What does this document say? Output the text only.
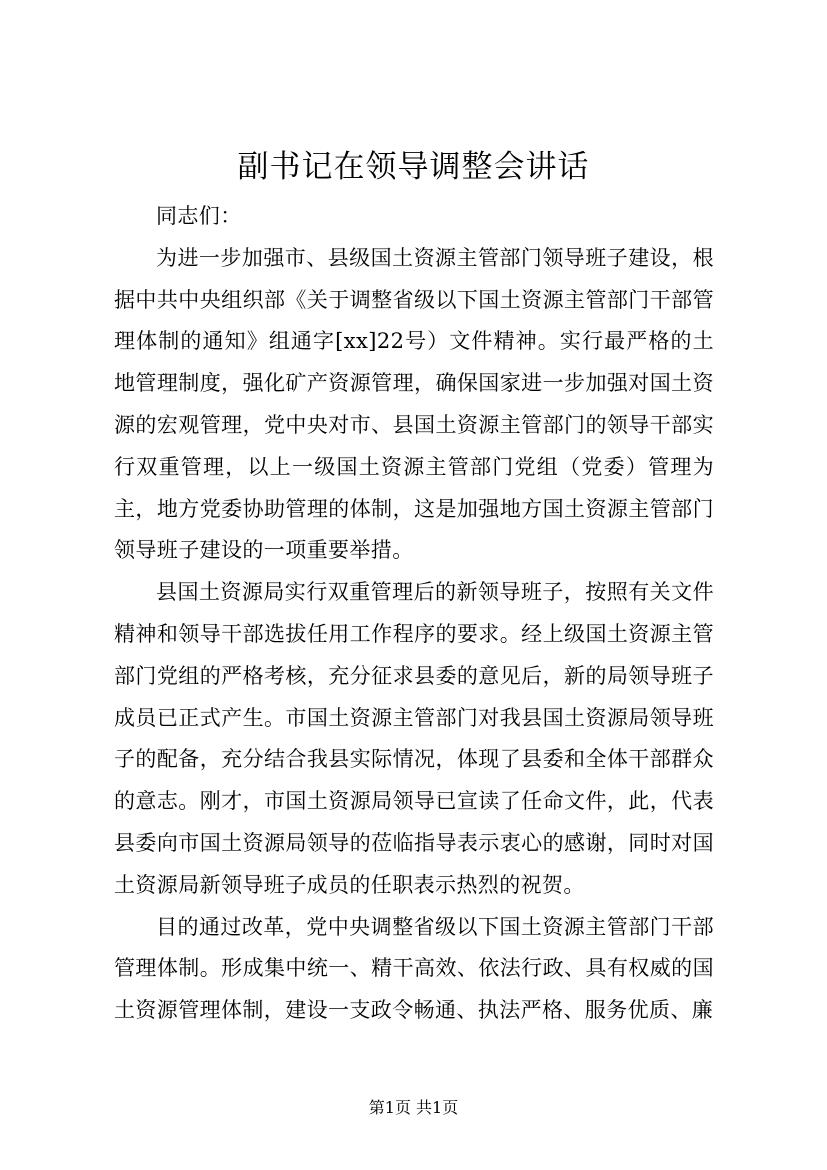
副书记在领导调整会讲话

同志们：

为进一步加强市、县级国土资源主管部门领导班子建设，根据中共中央组织部《关于调整省级以下国土资源主管部门干部管理体制的通知》组通字[xx]22号）文件精神。实行最严格的土地管理制度，强化矿产资源管理，确保国家进一步加强对国土资源的宏观管理，党中央对市、县国土资源主管部门的领导干部实行双重管理，以上一级国土资源主管部门党组（党委）管理为主，地方党委协助管理的体制，这是加强地方国土资源主管部门领导班子建设的一项重要举措。

县国土资源局实行双重管理后的新领导班子，按照有关文件精神和领导干部选拔任用工作程序的要求。经上级国土资源主管部门党组的严格考核，充分征求县委的意见后，新的局领导班子成员已正式产生。市国土资源主管部门对我县国土资源局领导班子的配备，充分结合我县实际情况，体现了县委和全体干部群众的意志。刚才，市国土资源局领导已宣读了任命文件，此，代表县委向市国土资源局领导的莅临指导表示衷心的感谢，同时对国土资源局新领导班子成员的任职表示热烈的祝贺。

目的通过改革，党中央调整省级以下国土资源主管部门干部管理体制。形成集中统一、精干高效、依法行政、具有权威的国土资源管理体制，建设一支政令畅通、执法严格、服务优质、廉

第1页 共1页
